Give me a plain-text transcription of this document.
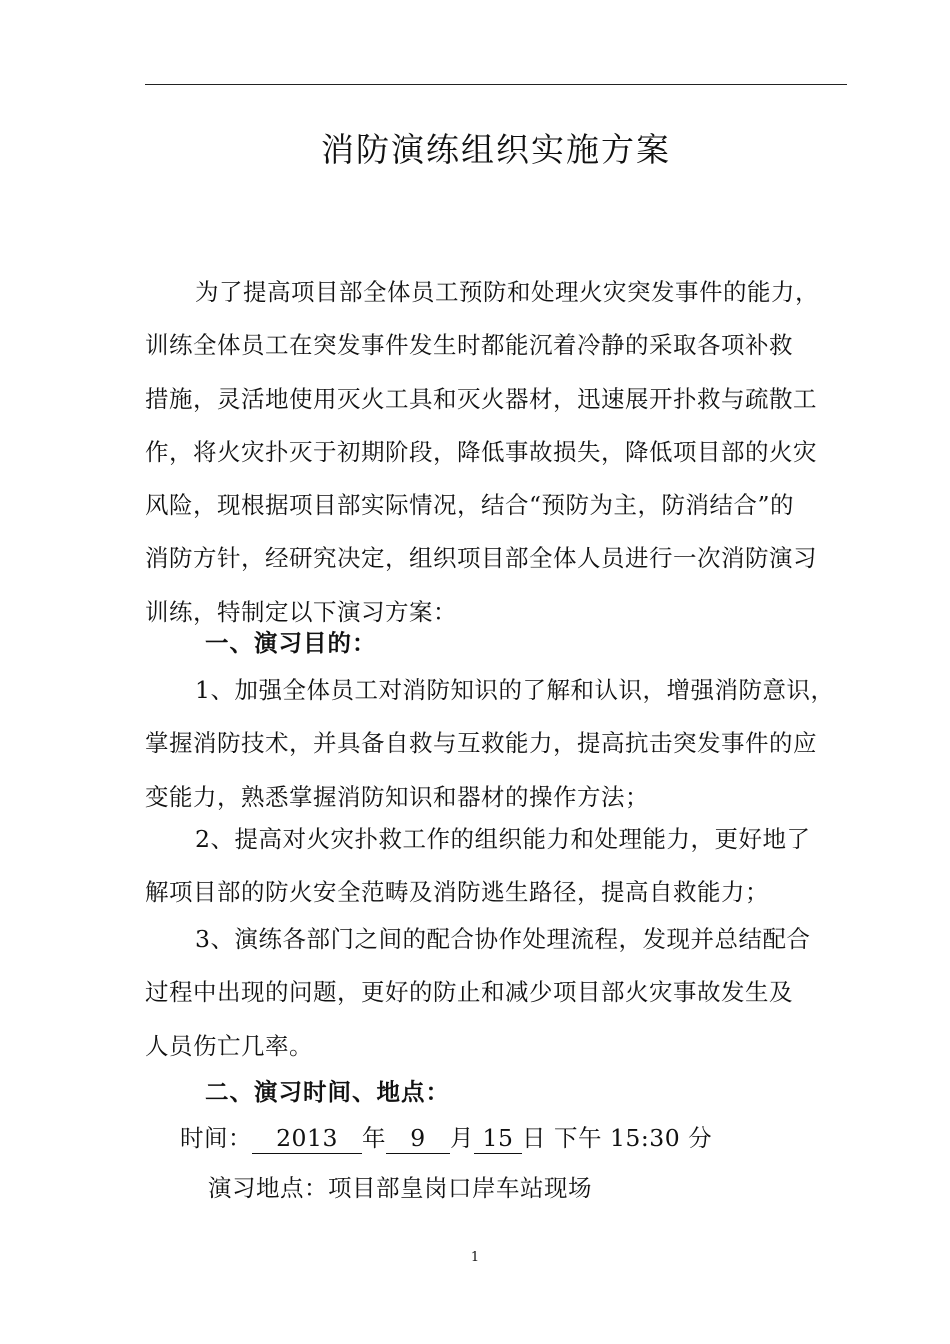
消防演练组织实施方案
为了提高项目部全体员工预防和处理火灾突发事件的能力，
训练全体员工在突发事件发生时都能沉着冷静的采取各项补救
措施，灵活地使用灭火工具和灭火器材，迅速展开扑救与疏散工
作，将火灾扑灭于初期阶段，降低事故损失，降低项目部的火灾
风险，现根据项目部实际情况，结合“预防为主，防消结合”的
消防方针，经研究决定，组织项目部全体人员进行一次消防演习
训练，特制定以下演习方案：
一、演习目的：
1、加强全体员工对消防知识的了解和认识，增强消防意识，
掌握消防技术，并具备自救与互救能力，提高抗击突发事件的应
变能力，熟悉掌握消防知识和器材的操作方法；
2、提高对火灾扑救工作的组织能力和处理能力，更好地了
解项目部的防火安全范畴及消防逃生路径，提高自救能力；
3、演练各部门之间的配合协作处理流程，发现并总结配合
过程中出现的问题，更好的防止和减少项目部火灾事故发生及
人员伤亡几率。
二、演习时间、地点：
时间： 2013 年 9 月 15 日 下午 15:30 分
演习地点：项目部皇岗口岸车站现场
1
